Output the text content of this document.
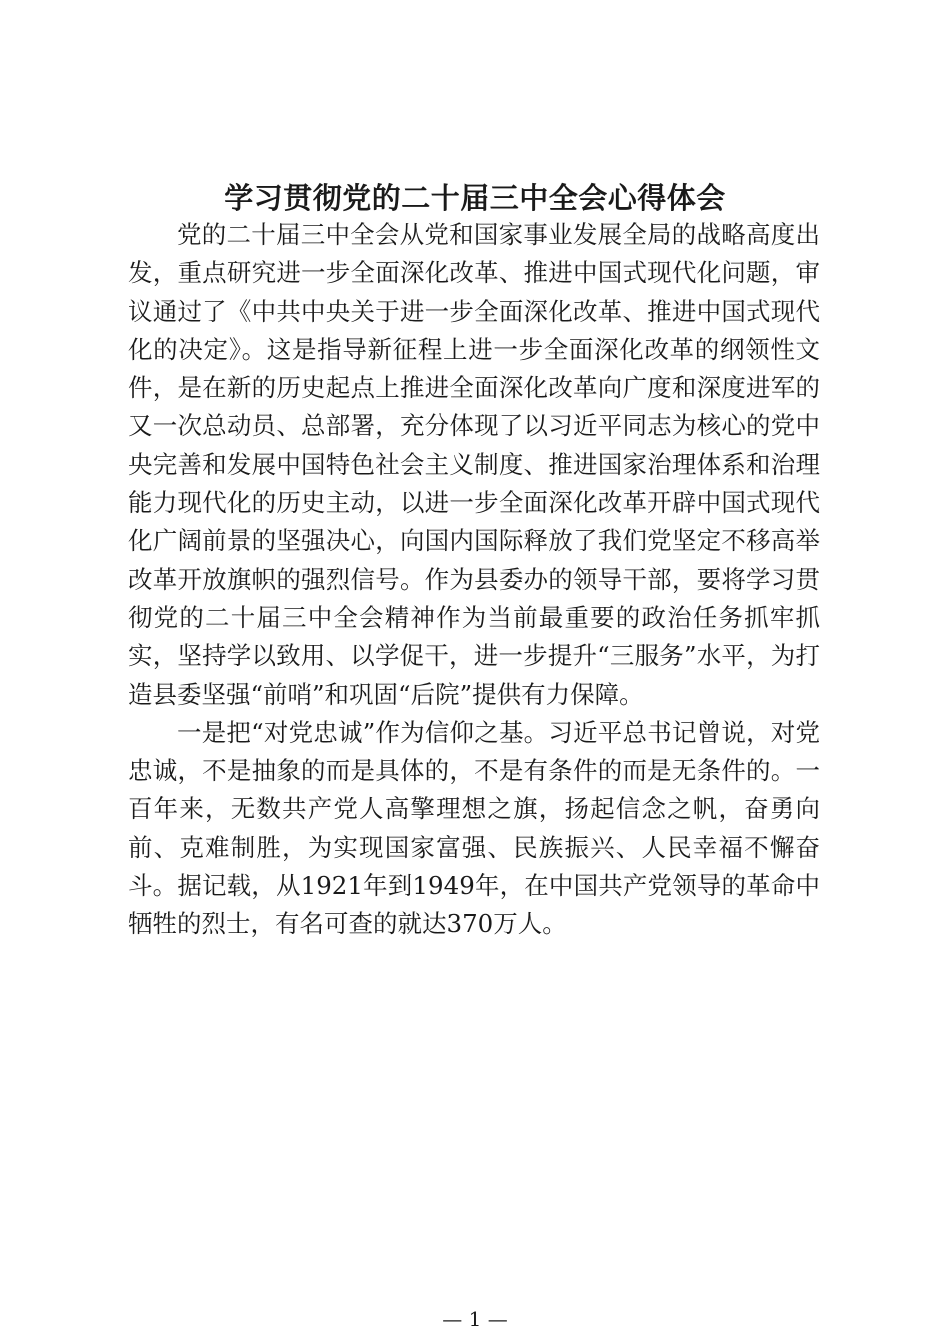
学习贯彻党的二十届三中全会心得体会

党的二十届三中全会从党和国家事业发展全局的战略高度出发，重点研究进一步全面深化改革、推进中国式现代化问题，审议通过了《中共中央关于进一步全面深化改革、推进中国式现代化的决定》。这是指导新征程上进一步全面深化改革的纲领性文件，是在新的历史起点上推进全面深化改革向广度和深度进军的又一次总动员、总部署，充分体现了以习近平同志为核心的党中央完善和发展中国特色社会主义制度、推进国家治理体系和治理能力现代化的历史主动，以进一步全面深化改革开辟中国式现代化广阔前景的坚强决心，向国内国际释放了我们党坚定不移高举改革开放旗帜的强烈信号。作为县委办的领导干部，要将学习贯彻党的二十届三中全会精神作为当前最重要的政治任务抓牢抓实，坚持学以致用、以学促干，进一步提升“三服务”水平，为打造县委坚强“前哨”和巩固“后院”提供有力保障。

一是把“对党忠诚”作为信仰之基。习近平总书记曾说，对党忠诚，不是抽象的而是具体的，不是有条件的而是无条件的。一百年来，无数共产党人高擎理想之旗，扬起信念之帆，奋勇向前、克难制胜，为实现国家富强、民族振兴、人民幸福不懈奋斗。据记载，从1921年到1949年，在中国共产党领导的革命中牺牲的烈士，有名可查的就达370万人。

— 1 —
